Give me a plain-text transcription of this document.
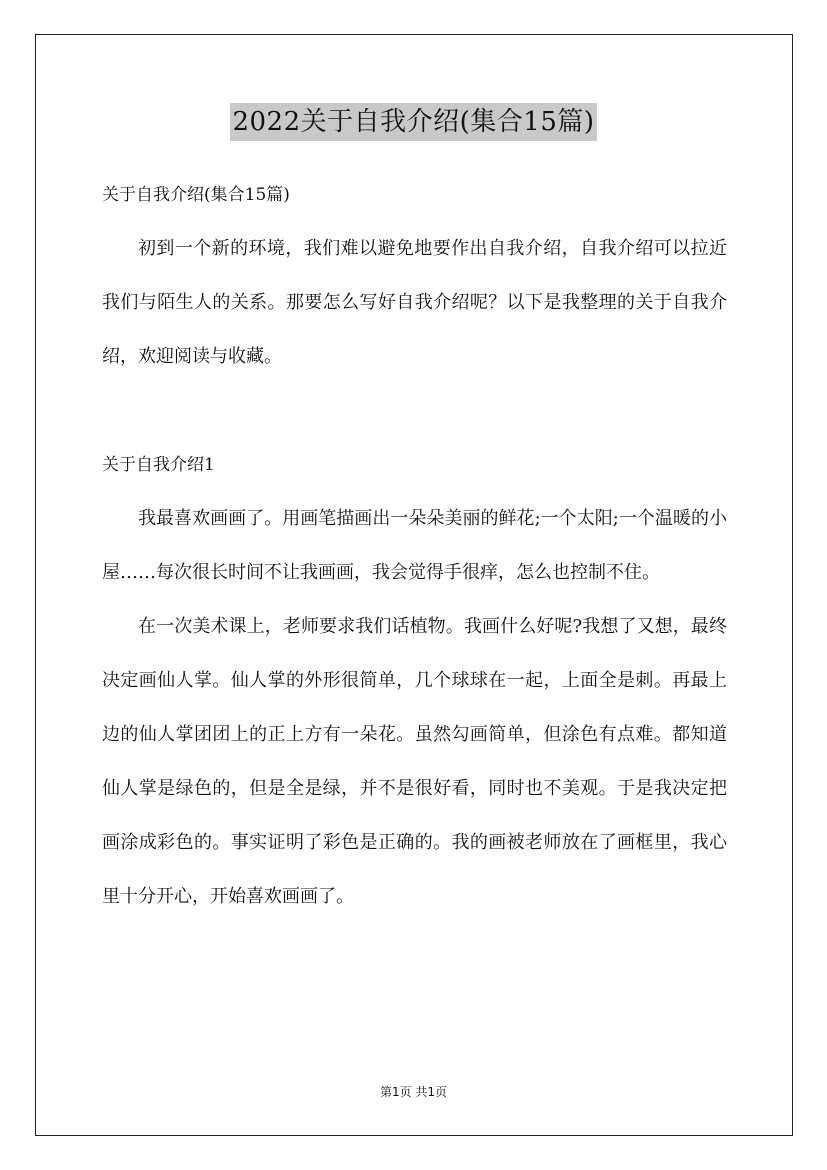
2022关于自我介绍(集合15篇)

关于自我介绍(集合15篇)

初到一个新的环境，我们难以避免地要作出自我介绍，自我介绍可以拉近我们与陌生人的关系。那要怎么写好自我介绍呢？以下是我整理的关于自我介绍，欢迎阅读与收藏。

关于自我介绍1

我最喜欢画画了。用画笔描画出一朵朵美丽的鲜花;一个太阳;一个温暖的小屋……每次很长时间不让我画画，我会觉得手很痒，怎么也控制不住。

在一次美术课上，老师要求我们话植物。我画什么好呢?我想了又想，最终决定画仙人掌。仙人掌的外形很简单，几个球球在一起，上面全是刺。再最上边的仙人掌团团上的正上方有一朵花。虽然勾画简单，但涂色有点难。都知道仙人掌是绿色的，但是全是绿，并不是很好看，同时也不美观。于是我决定把画涂成彩色的。事实证明了彩色是正确的。我的画被老师放在了画框里，我心里十分开心，开始喜欢画画了。

第1页 共1页
